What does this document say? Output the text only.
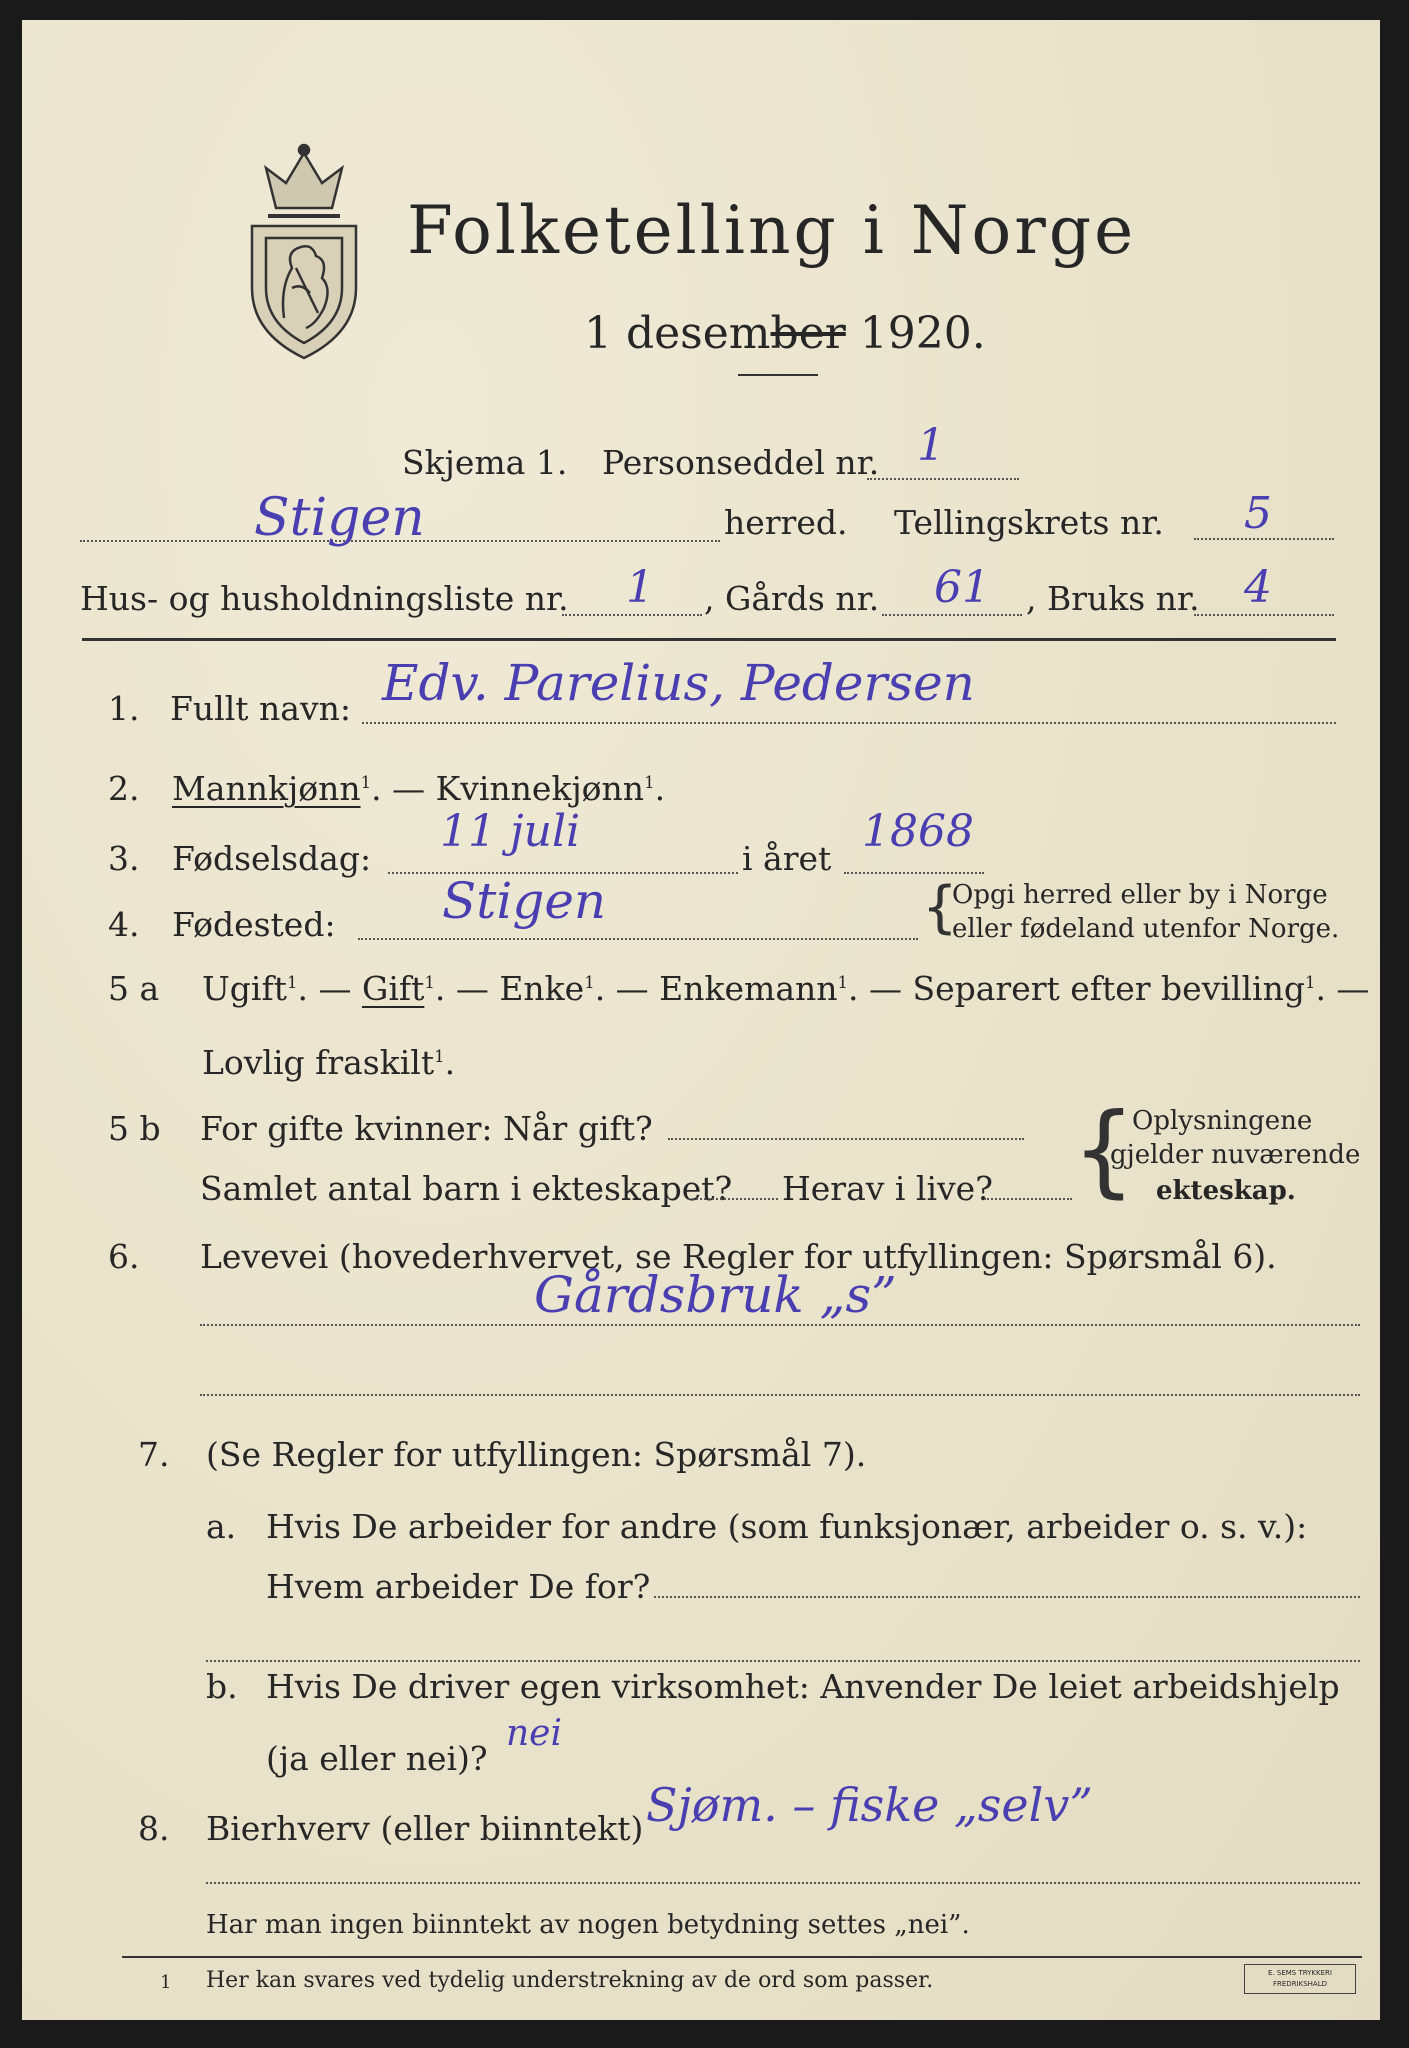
Folketelling i Norge
1 desember 1920.
Skjema 1. Personseddel nr. 1
Stigen	herred. Tellingskrets nr. 5
Hus- og husholdningsliste nr. 1 , Gårds nr. 61 , Bruks nr. 4
1. Fullt navn: Edv. Parelius, Pedersen
2. Mannkjønn$^1$. — Kvinnekjønn$^1$.
3. Fødselsdag:
11 juli
i året
1868
4. Fødested: Stigen	{
Opgi herred eller by i Norge
eller fødeland utenfor Norge.
5 a Ugift$^1$. — Gift$^1$. — Enke$^1$. — Enkemann$^1$. — Separert efter bevilling$^1$. —
Lovlig fraskilt$^1$.
5 b For gifte kvinner: Når gift?
Samlet antal barn i ekteskapet? Herav i live? {
Oplysningene
gjelder nuværende
ekteskap.
6. Levevei (hovederhvervet, se Regler for utfyllingen: Spørsmål 6).
Gårdsbruk „s”
7. (Se Regler for utfyllingen: Spørsmål 7).
a. Hvis De arbeider for andre (som funksjonær, arbeider o. s. v.):
Hvem arbeider De for?
b. Hvis De driver egen virksomhet: Anvender De leiet arbeidshjelp
(ja eller nei)?
nei
8. Bierhverv (eller biinntekt) Sjøm. – fiske „selv”
Har man ingen biinntekt av nogen betydning settes „nei”.
1 Her kan svares ved tydelig understrekning av de ord som passer.	E. SEMS TRYKKERI
FREDRIKSHALD
